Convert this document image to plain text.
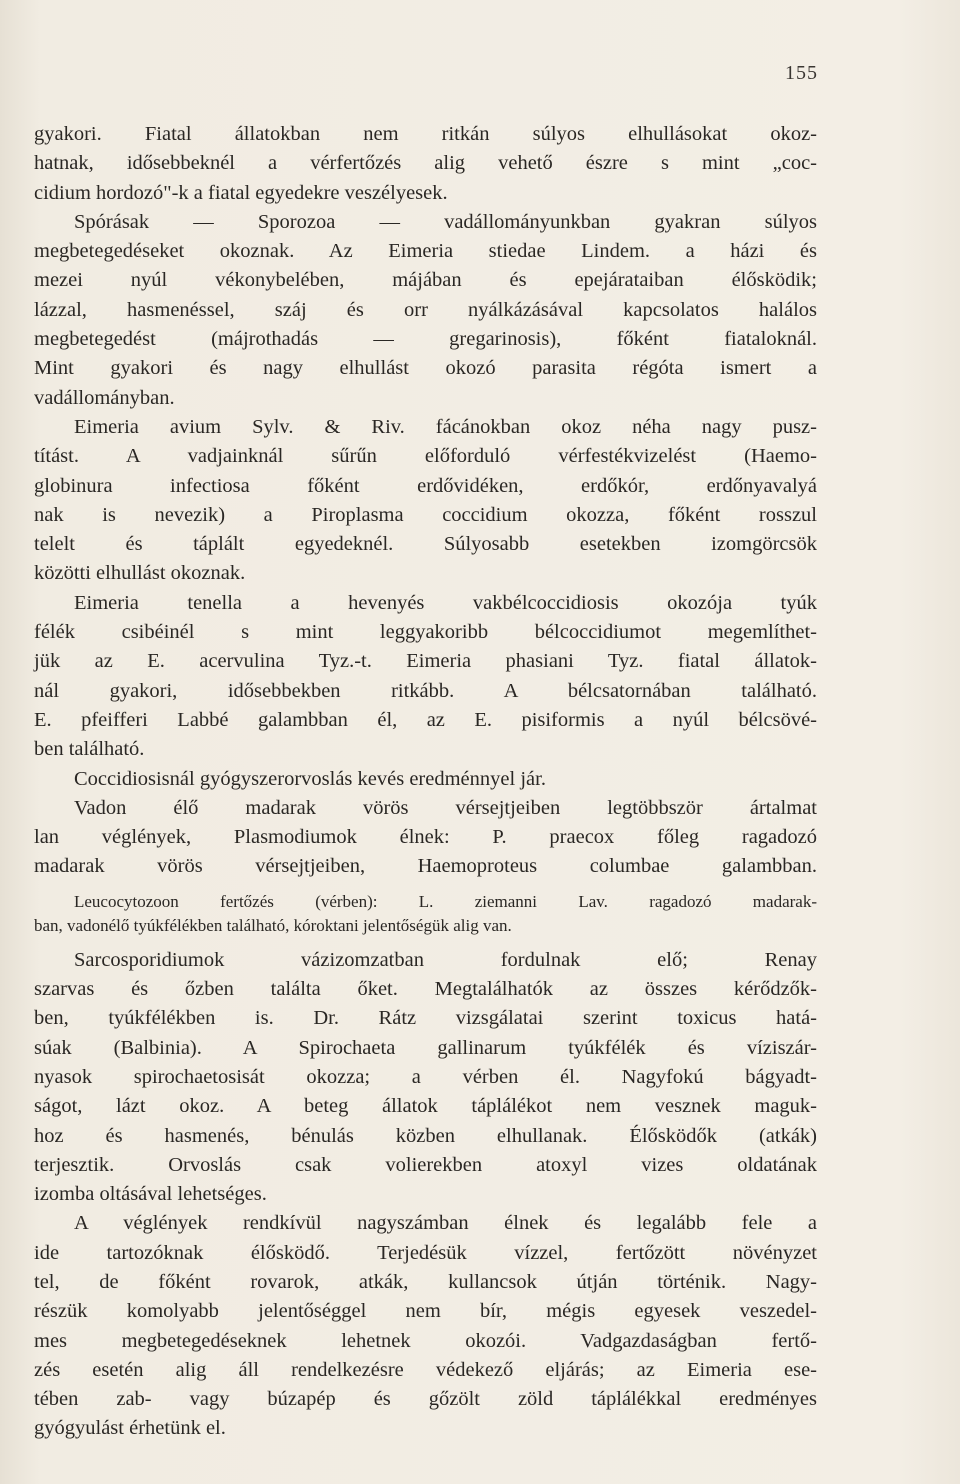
155
gyakori. Fiatal állatokban nem ritkán súlyos elhullásokat okoz-
hatnak, idősebbeknél a vérfertőzés alig vehető észre s mint „coc-
cidium hordozó"-k a fiatal egyedekre veszélyesek.
Spórásak — Sporozoa — vadállományunkban gyakran súlyos
megbetegedéseket okoznak. Az Eimeria stiedae Lindem. a házi és
mezei nyúl vékonybelében, májában és epejárataiban élősködik;
lázzal, hasmenéssel, száj és orr nyálkázásával kapcsolatos halálos
megbetegedést (májrothadás — gregarinosis), főként fiataloknál.
Mint gyakori és nagy elhullást okozó parasita régóta ismert a
vadállományban.
Eimeria avium Sylv. & Riv. fácánokban okoz néha nagy pusz-
títást. A vadjainknál sűrűn előforduló vérfestékvizelést (Haemo-
globinura infectiosa főként erdővidéken, erdőkór, erdőnyavalyá
nak is nevezik) a Piroplasma coccidium okozza, főként rosszul
telelt és táplált egyedeknél. Súlyosabb esetekben izomgörcsök
közötti elhullást okoznak.
Eimeria tenella a heveny​és vakbélcoccidiosis okozója tyúk
félék csibéinél s mint leggyakoribb bélcoccidiumot megemlíthet-
jük az E. acervulina Tyz.-t. Eimeria phasiani Tyz. fiatal állatok-
nál gyakori, idősebbekben ritkább. A bélcsatornában található.
E. pfeifferi Labbé galambban él, az E. pisiformis a nyúl bélcsövé-
ben található.
Coccidiosisnál gyógyszerorvoslás kevés eredménnyel jár.
Vadon élő madarak vörös vérsejtjeiben legtöbbször ártalmat
lan véglények, Plasmodiumok élnek: P. praecox főleg ragadozó
madarak vörös vérsejtjeiben, Haemoproteus columbae galambban.
Leucocytozoon fertőzés (vérben): L. ziemanni Lav. ragadozó madarak-
ban, vadonélő tyúkfélékben található, kóroktani jelentőségük alig van.
Sarcosporidiumok vázizomzatban fordulnak elő; Renay
szarvas és őzben találta őket. Megtalálhatók az összes kérődzők-
ben, tyúkfélékben is. Dr. Rátz vizsgálatai szerint toxicus hatá-
súak (Balbinia). A Spirochaeta gallinarum tyúkfélék és víziszár-
nyasok spirochaetosisát okozza; a vérben él. Nagyfokú bágyadt-
ságot, lázt okoz. A beteg állatok táplálékot nem vesznek maguk-
hoz és hasmenés, bénulás közben elhullanak. Élősködők (atkák)
terjesztik. Orvoslás csak volierekben atoxyl vizes oldatának
izomba oltásával lehetséges.
A véglények rendkívül nagyszámban élnek és legalább fele a
ide tartozóknak élősködő. Terjedésük vízzel, fertőzött növényzet
tel, de főként rovarok, atkák, kullancsok útján történik. Nagy-
részük komolyabb jelentőséggel nem bír, mégis egyesek veszedel-
mes megbetegedéseknek lehetnek okozói. Vadgazdaságban fertő-
zés esetén alig áll rendelkezésre védekező eljárás; az Eimeria ese-
tében zab- vagy búzapép és gőzölt zöld táplálékkal eredményes
gyógyulást érhetünk el.
